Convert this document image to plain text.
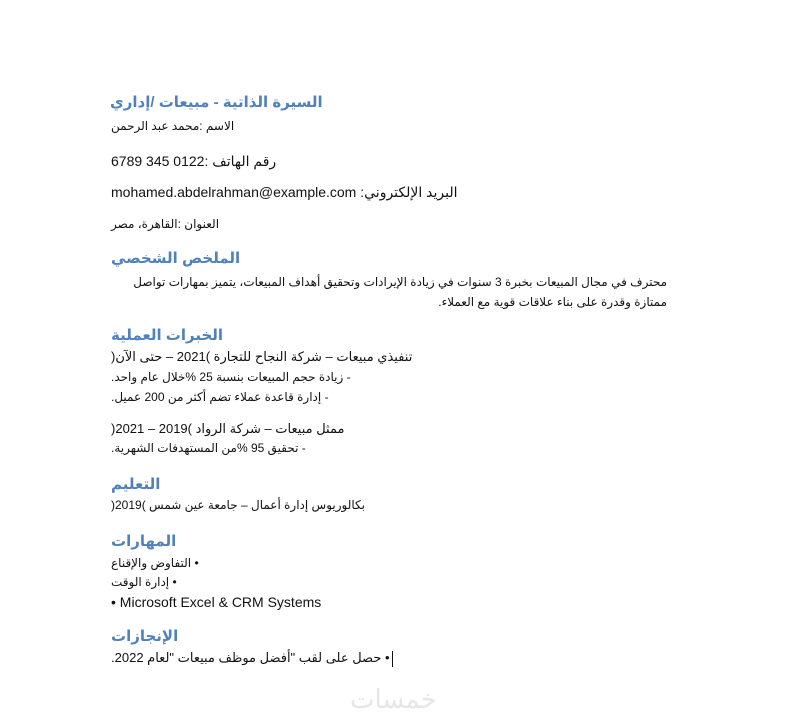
السيرة الذاتية - مبيعات /إداري
الاسم :محمد عبد الرحمن
رقم الهاتف :0122 345 6789
البريد الإلكتروني: mohamed.abdelrahman@example.com
العنوان :القاهرة، مصر
الملخص الشخصي
محترف في مجال المبيعات بخبرة 3 سنوات في زيادة الإيرادات وتحقيق أهداف المبيعات، يتميز بمهارات تواصل ممتازة وقدرة على بناء علاقات قوية مع العملاء.
الخبرات العملية
تنفيذي مبيعات – شركة النجاح للتجارة )2021 – حتى الآن(
- زيادة حجم المبيعات بنسبة 25 %خلال عام واحد.
- إدارة قاعدة عملاء تضم أكثر من 200 عميل.
ممثل مبيعات – شركة الرواد )2019 – 2021(
- تحقيق 95 %من المستهدفات الشهرية.
التعليم
بكالوريوس إدارة أعمال – جامعة عين شمس )2019(
المهارات
• التفاوض والإقناع
• إدارة الوقت
• Microsoft Excel & CRM Systems
الإنجازات
• حصل على لقب "أفضل موظف مبيعات "لعام 2022.
خمسات
